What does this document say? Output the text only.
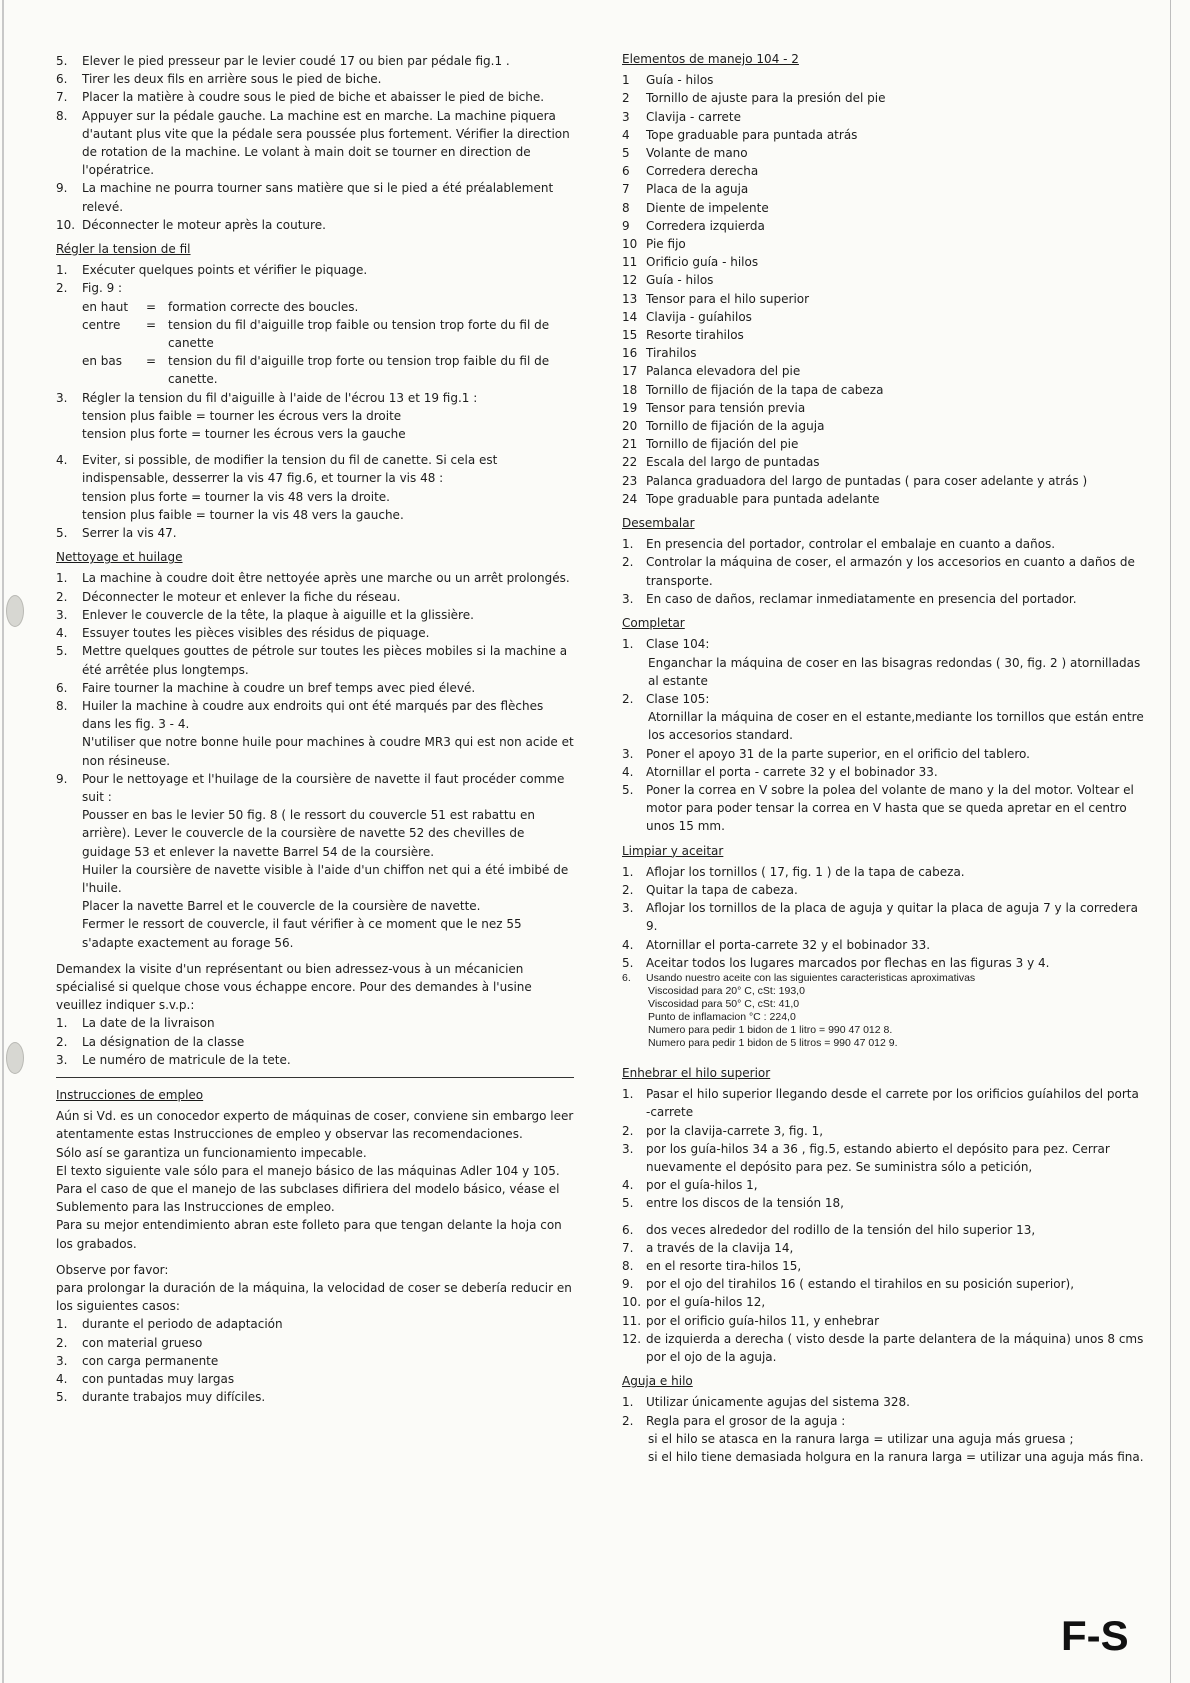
5.	Elever le pied presseur par le levier coudé 17 ou bien par pédale fig.1 .
6.	Tirer les deux fils en arrière sous le pied de biche.
7.	Placer la matière à coudre sous le pied de biche et abaisser le pied de biche.
8.	Appuyer sur la pédale gauche. La machine est en marche. La machine piquera d'autant plus vite que la pédale sera poussée plus fortement. Vérifier la direction de rotation de la machine. Le volant à main doit se tourner en direction de l'opératrice.
9.	La machine ne pourra tourner sans matière que si le pied a été préalablement relevé.
10. Déconnecter le moteur après la couture.
Régler la tension de fil
1.	Exécuter quelques points et vérifier le piquage.
2.	Fig. 9 :
en haut	= formation correcte des boucles.
centre	= tension du fil d'aiguille trop faible ou tension trop forte du fil de canette
en bas	= tension du fil d'aiguille trop forte ou tension trop faible du fil de canette.
3.	Régler la tension du fil d'aiguille à l'aide de l'écrou 13 et 19 fig.1 :
tension plus faible = tourner les écrous vers la droite
tension plus forte = tourner les écrous vers la gauche
4.	Eviter, si possible, de modifier la tension du fil de canette. Si cela est indispensable, desserrer la vis 47 fig.6, et tourner la vis 48 :
tension plus forte = tourner la vis 48 vers la droite.
tension plus faible = tourner la vis 48 vers la gauche.
5.	Serrer la vis 47.
Nettoyage et huilage
1.	La machine à coudre doit être nettoyée après une marche ou un arrêt prolongés.
2.	Déconnecter le moteur et enlever la fiche du réseau.
3.	Enlever le couvercle de la tête, la plaque à aiguille et la glissière.
4.	Essuyer toutes les pièces visibles des résidus de piquage.
5.	Mettre quelques gouttes de pétrole sur toutes les pièces mobiles si la machine a été arrêtée plus longtemps.
6.	Faire tourner la machine à coudre un bref temps avec pied élevé.
8.	Huiler la machine à coudre aux endroits qui ont été marqués par des flèches dans les fig. 3 - 4.
N'utiliser que notre bonne huile pour machines à coudre MR3 qui est non acide et non résineuse.
9.	Pour le nettoyage et l'huilage de la coursière de navette il faut procéder comme suit :
Pousser en bas le levier 50 fig. 8 ( le ressort du couvercle 51 est rabattu en arrière). Lever le couvercle de la coursière de navette 52 des chevilles de guidage 53 et enlever la navette Barrel 54 de la coursière.
Huiler la coursière de navette visible à l'aide d'un chiffon net qui a été imbibé de l'huile.
Placer la navette Barrel et le couvercle de la coursière de navette.
Fermer le ressort de couvercle, il faut vérifier à ce moment que le nez 55 s'adapte exactement au forage 56.
Demandex la visite d'un représentant ou bien adressez-vous à un mécanicien spécialisé si quelque chose vous échappe encore. Pour des demandes à l'usine veuillez indiquer s.v.p.:
1.	La date de la livraison
2.	La désignation de la classe
3.	Le numéro de matricule de la tete.
Instrucciones de empleo
Aún si Vd. es un conocedor experto de máquinas de coser, conviene sin embargo leer atentamente estas Instrucciones de empleo y observar las recomendaciones.
Sólo así se garantiza un funcionamiento impecable.
El texto siguiente vale sólo para el manejo básico de las máquinas Adler 104 y 105.
Para el caso de que el manejo de las subclases difiriera del modelo básico, véase el Sublemento para las Instrucciones de empleo.
Para su mejor entendimiento abran este folleto para que tengan delante la hoja con los grabados.
Observe por favor:
para prolongar la duración de la máquina, la velocidad de coser se debería reducir en los siguientes casos:
1.	durante el periodo de adaptación
2.	con material grueso
3.	con carga permanente
4.	con puntadas muy largas
5.	durante trabajos muy difíciles.
Elementos de manejo 104 - 2
1	Guía - hilos
2	Tornillo de ajuste para la presión del pie
3	Clavija - carrete
4	Tope graduable para puntada atrás
5	Volante de mano
6	Corredera derecha
7	Placa de la aguja
8	Diente de impelente
9	Corredera izquierda
10 Pie fijo
11 Orificio guía - hilos
12 Guía - hilos
13 Tensor para el hilo superior
14 Clavija - guíahilos
15 Resorte tirahilos
16 Tirahilos
17 Palanca elevadora del pie
18 Tornillo de fijación de la tapa de cabeza
19 Tensor para tensión previa
20 Tornillo de fijación de la aguja
21 Tornillo de fijación del pie
22 Escala del largo de puntadas
23 Palanca graduadora del largo de puntadas ( para coser adelante y atrás )
24 Tope graduable para puntada adelante
Desembalar
1.	En presencia del portador, controlar el embalaje en cuanto a daños.
2.	Controlar la máquina de coser, el armazón y los accesorios en cuanto a daños de transporte.
3.	En caso de daños, reclamar inmediatamente en presencia del portador.
Completar
1.	Clase 104:
Enganchar la máquina de coser en las bisagras redondas ( 30, fig. 2 ) atornilladas al estante
2.	Clase 105:
Atornillar la máquina de coser en el estante,mediante los tornillos que están entre los accesorios standard.
3.	Poner el apoyo 31 de la parte superior, en el orificio del tablero.
4.	Atornillar el porta - carrete 32 y el bobinador 33.
5.	Poner la correa en V sobre la polea del volante de mano y la del motor. Voltear el motor para poder tensar la correa en V hasta que se queda apretar en el centro unos 15 mm.
Limpiar y aceitar
1.	Aflojar los tornillos ( 17, fig. 1 ) de la tapa de cabeza.
2.	Quitar la tapa de cabeza.
3.	Aflojar los tornillos de la placa de aguja y quitar la placa de aguja 7 y la corredera 9.
4.	Atornillar el porta-carrete 32 y el bobinador 33.
5.	Aceitar todos los lugares marcados por flechas en las figuras 3 y 4.
6.	Usando nuestro aceite con las siguientes caracteristicas aproximativas
Viscosidad para 20° C, cSt: 193,0
Viscosidad para 50° C, cSt: 41,0
Punto de inflamacion °C : 224,0
Numero para pedir 1 bidon de 1 litro = 990 47 012 8.
Numero para pedir 1 bidon de 5 litros = 990 47 012 9.
Enhebrar el hilo superior
1.	Pasar el hilo superior llegando desde el carrete por los orificios guíahilos del porta -carrete
2.	por la clavija-carrete 3, fig. 1,
3.	por los guía-hilos 34 a 36 , fig.5, estando abierto el depósito para pez. Cerrar nuevamente el depósito para pez. Se suministra sólo a petición,
4.	por el guía-hilos 1,
5.	entre los discos de la tensión 18,
6.	dos veces alrededor del rodillo de la tensión del hilo superior 13,
7.	a través de la clavija 14,
8.	en el resorte tira-hilos 15,
9.	por el ojo del tirahilos 16 ( estando el tirahilos en su posición superior),
10. por el guía-hilos 12,
11. por el orificio guía-hilos 11, y enhebrar
12. de izquierda a derecha ( visto desde la parte delantera de la máquina) unos 8 cms por el ojo de la aguja.
Aguja e hilo
1.	Utilizar únicamente agujas del sistema 328.
2.	Regla para el grosor de la aguja :
si el hilo se atasca en la ranura larga = utilizar una aguja más gruesa ;
si el hilo tiene demasiada holgura en la ranura larga = utilizar una aguja más fina.
F-S
